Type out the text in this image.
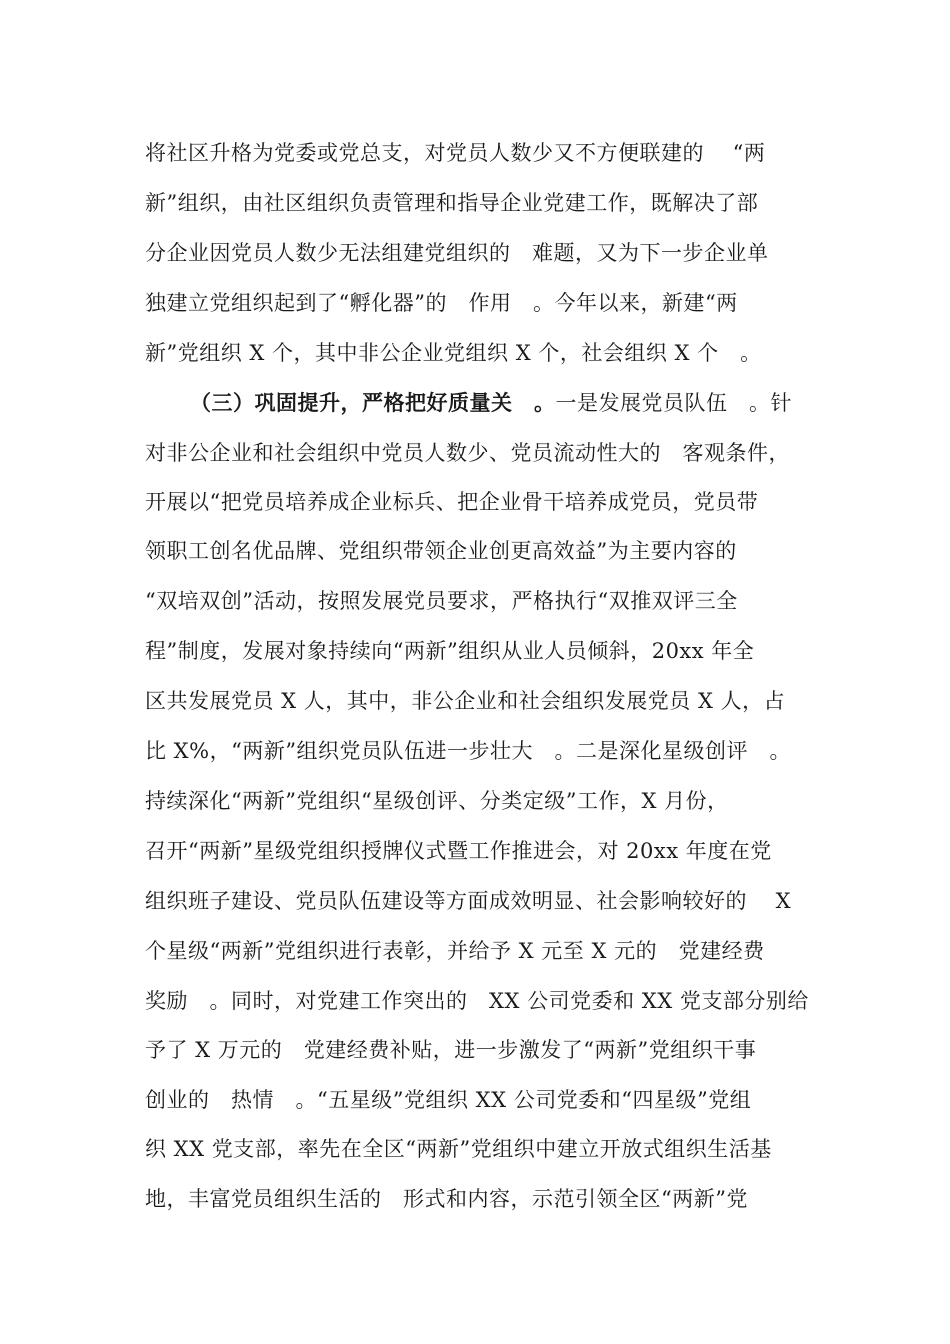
将社区升格为党委或党总支，对党员人数少又不方便联建的　 “两
新”组织，由社区组织负责管理和指导企业党建工作，既解决了部
分企业因党员人数少无法组建党组织的　难题，又为下一步企业单
独建立党组织起到了“孵化器”的　作用　。今年以来，新建“两
新”党组织 X 个，其中非公企业党组织 X 个，社会组织 X 个　。
（三）巩固提升，严格把好质量关　。一是发展党员队伍　。针
对非公企业和社会组织中党员人数少、党员流动性大的　客观条件，
开展以“把党员培养成企业标兵、把企业骨干培养成党员，党员带
领职工创名优品牌、党组织带领企业创更高效益”为主要内容的
“双培双创”活动，按照发展党员要求，严格执行“双推双评三全
程”制度，发展对象持续向“两新”组织从业人员倾斜，20xx 年全
区共发展党员 X 人，其中，非公企业和社会组织发展党员 X 人，占
比 X%，“两新”组织党员队伍进一步壮大　。二是深化星级创评　。
持续深化“两新”党组织“星级创评、分类定级”工作，X 月份，
召开“两新”星级党组织授牌仪式暨工作推进会，对 20xx 年度在党
组织班子建设、党员队伍建设等方面成效明显、社会影响较好的　 X
个星级“两新”党组织进行表彰，并给予 X 元至 X 元的　党建经费
奖励　。同时，对党建工作突出的　XX 公司党委和 XX 党支部分别给
予了 X 万元的　党建经费补贴，进一步激发了“两新”党组织干事
创业的　热情　。“五星级”党组织 XX 公司党委和“四星级”党组
织 XX 党支部，率先在全区“两新”党组织中建立开放式组织生活基
地，丰富党员组织生活的　形式和内容，示范引领全区“两新”党
